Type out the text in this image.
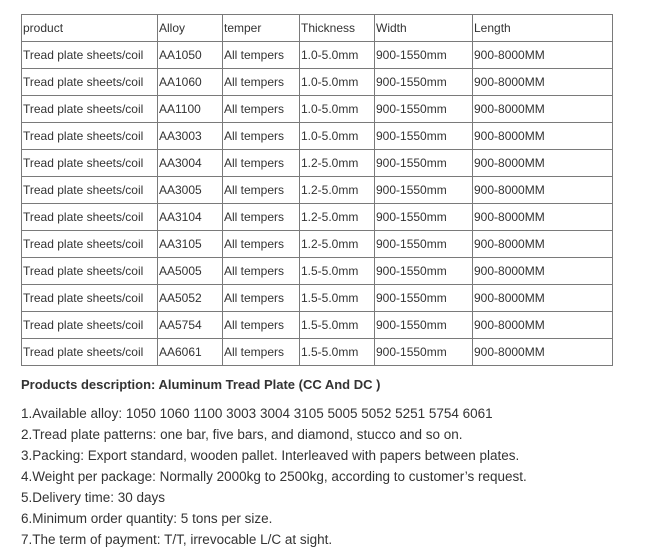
product	Alloy	temper	Thickness	Width	Length
Tread plate sheets/coil	AA1050	All tempers	1.0-5.0mm	900-1550mm	900-8000MM
Tread plate sheets/coil	AA1060	All tempers	1.0-5.0mm	900-1550mm	900-8000MM
Tread plate sheets/coil	AA1100	All tempers	1.0-5.0mm	900-1550mm	900-8000MM
Tread plate sheets/coil	AA3003	All tempers	1.0-5.0mm	900-1550mm	900-8000MM
Tread plate sheets/coil	AA3004	All tempers	1.2-5.0mm	900-1550mm	900-8000MM
Tread plate sheets/coil	AA3005	All tempers	1.2-5.0mm	900-1550mm	900-8000MM
Tread plate sheets/coil	AA3104	All tempers	1.2-5.0mm	900-1550mm	900-8000MM
Tread plate sheets/coil	AA3105	All tempers	1.2-5.0mm	900-1550mm	900-8000MM
Tread plate sheets/coil	AA5005	All tempers	1.5-5.0mm	900-1550mm	900-8000MM
Tread plate sheets/coil	AA5052	All tempers	1.5-5.0mm	900-1550mm	900-8000MM
Tread plate sheets/coil	AA5754	All tempers	1.5-5.0mm	900-1550mm	900-8000MM
Tread plate sheets/coil	AA6061	All tempers	1.5-5.0mm	900-1550mm	900-8000MM

Products description: Aluminum Tread Plate (CC And DC )

1.Available alloy: 1050 1060 1100 3003 3004 3105 5005 5052 5251 5754 6061
2.Tread plate patterns: one bar, five bars, and diamond, stucco and so on.
3.Packing: Export standard, wooden pallet. Interleaved with papers between plates.
4.Weight per package: Normally 2000kg to 2500kg, according to customer’s request.
5.Delivery time: 30 days
6.Minimum order quantity: 5 tons per size.
7.The term of payment: T/T, irrevocable L/C at sight.
